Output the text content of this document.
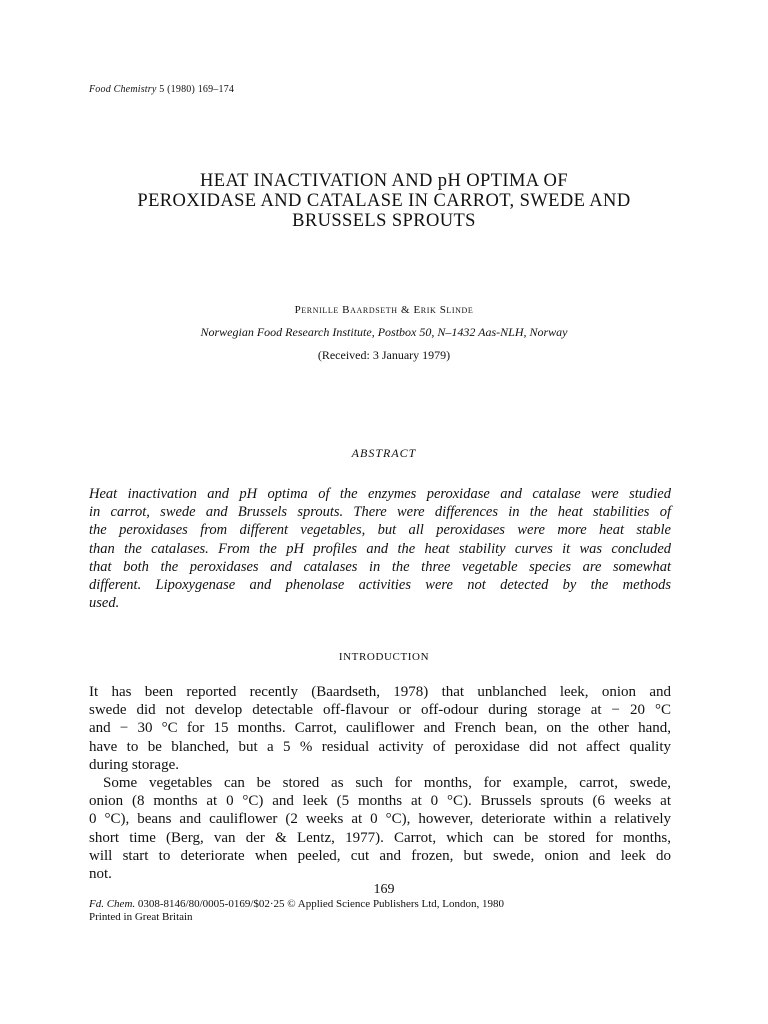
Food Chemistry 5 (1980) 169–174
HEAT INACTIVATION AND pH OPTIMA OF
PEROXIDASE AND CATALASE IN CARROT, SWEDE AND
BRUSSELS SPROUTS
Pernille Baardseth & Erik Slinde
Norwegian Food Research Institute, Postbox 50, N–1432 Aas-NLH, Norway
(Received: 3 January 1979)
ABSTRACT
Heat inactivation and pH optima of the enzymes peroxidase and catalase were studied
in carrot, swede and Brussels sprouts. There were differences in the heat stabilities of
the peroxidases from different vegetables, but all peroxidases were more heat stable
than the catalases. From the pH profiles and the heat stability curves it was concluded
that both the peroxidases and catalases in the three vegetable species are somewhat
different. Lipoxygenase and phenolase activities were not detected by the methods
used.
INTRODUCTION
It has been reported recently (Baardseth, 1978) that unblanched leek, onion and
swede did not develop detectable off-flavour or off-odour during storage at − 20 °C
and − 30 °C for 15 months. Carrot, cauliflower and French bean, on the other hand,
have to be blanched, but a 5 % residual activity of peroxidase did not affect quality
during storage.
Some vegetables can be stored as such for months, for example, carrot, swede,
onion (8 months at 0 °C) and leek (5 months at 0 °C). Brussels sprouts (6 weeks at
0 °C), beans and cauliflower (2 weeks at 0 °C), however, deteriorate within a relatively
short time (Berg, van der & Lentz, 1977). Carrot, which can be stored for months,
will start to deteriorate when peeled, cut and frozen, but swede, onion and leek do
not.
169
Fd. Chem. 0308-8146/80/0005-0169/$02·25 © Applied Science Publishers Ltd, London, 1980
Printed in Great Britain
